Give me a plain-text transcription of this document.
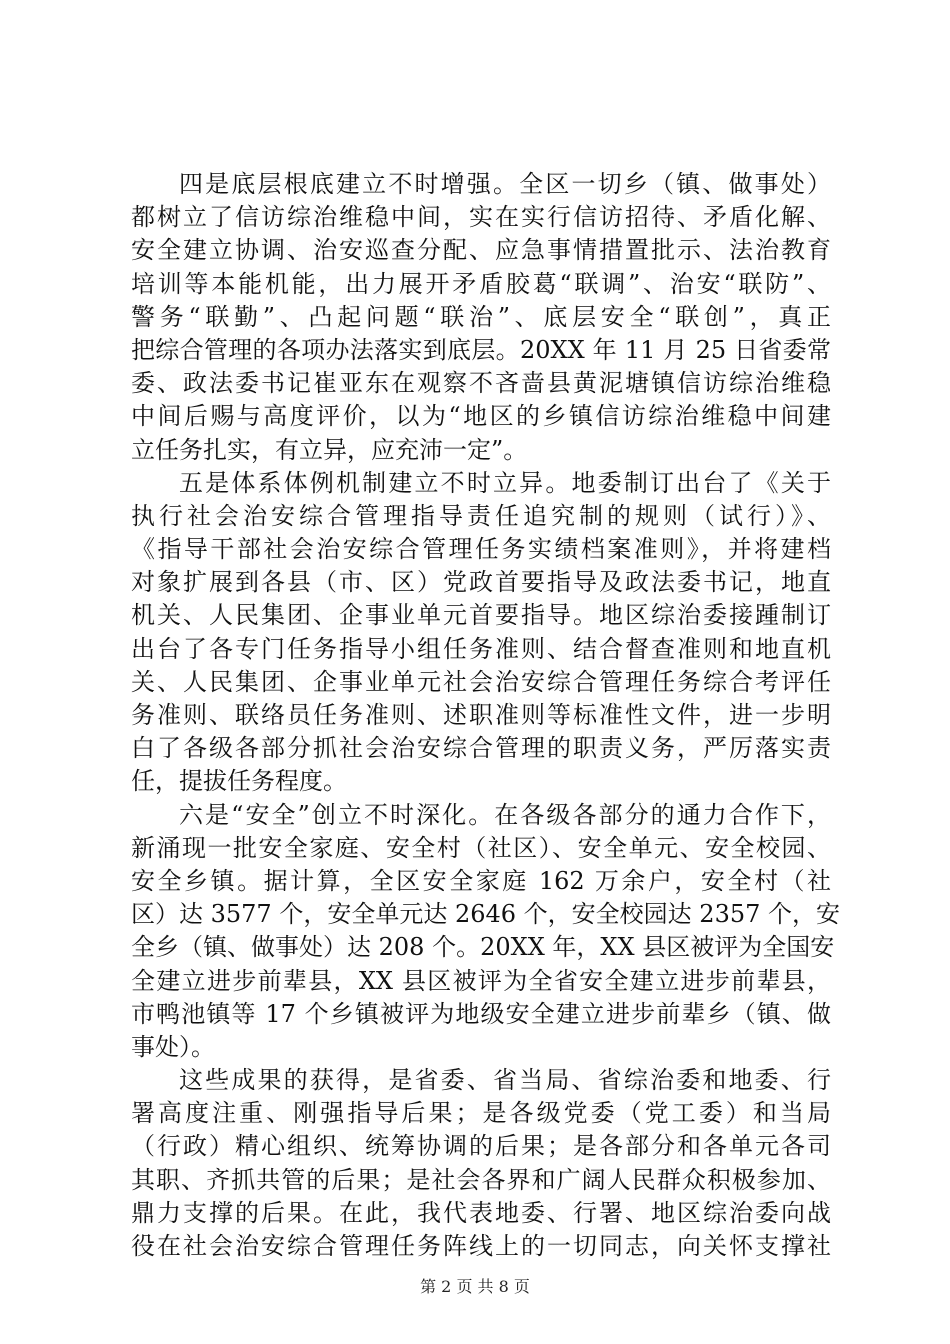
四是底层根底建立不时增强。全区一切乡（镇、做事处）
都树立了信访综治维稳中间，实在实行信访招待、矛盾化解、
安全建立协调、治安巡查分配、应急事情措置批示、法治教育
培训等本能机能，出力展开矛盾胶葛“联调”、治安“联防”、
警务“联勤”、凸起问题“联治”、底层安全“联创”，真正
把综合管理的各项办法落实到底层。20XX 年 11 月 25 日省委常
委、政法委书记崔亚东在观察不吝啬县黄泥塘镇信访综治维稳
中间后赐与高度评价，以为“地区的乡镇信访综治维稳中间建
立任务扎实，有立异，应充沛一定”。
五是体系体例机制建立不时立异。地委制订出台了《关于
执行社会治安综合管理指导责任追究制的规则（试行）》、
《指导干部社会治安综合管理任务实绩档案准则》，并将建档
对象扩展到各县（市、区）党政首要指导及政法委书记，地直
机关、人民集团、企事业单元首要指导。地区综治委接踵制订
出台了各专门任务指导小组任务准则、结合督查准则和地直机
关、人民集团、企事业单元社会治安综合管理任务综合考评任
务准则、联络员任务准则、述职准则等标准性文件，进一步明
白了各级各部分抓社会治安综合管理的职责义务，严厉落实责
任，提拔任务程度。
六是“安全”创立不时深化。在各级各部分的通力合作下，
新涌现一批安全家庭、安全村（社区）、安全单元、安全校园、
安全乡镇。据计算，全区安全家庭 162 万余户，安全村（社
区）达 3577 个，安全单元达 2646 个，安全校园达 2357 个，安
全乡（镇、做事处）达 208 个。20XX 年，XX 县区被评为全国安
全建立进步前辈县，XX 县区被评为全省安全建立进步前辈县，
市鸭池镇等 17 个乡镇被评为地级安全建立进步前辈乡（镇、做
事处）。
这些成果的获得，是省委、省当局、省综治委和地委、行
署高度注重、刚强指导后果；是各级党委（党工委）和当局
（行政）精心组织、统筹协调的后果；是各部分和各单元各司
其职、齐抓共管的后果；是社会各界和广阔人民群众积极参加、
鼎力支撑的后果。在此，我代表地委、行署、地区综治委向战
役在社会治安综合管理任务阵线上的一切同志，向关怀支撑社
第 2 页 共 8 页
